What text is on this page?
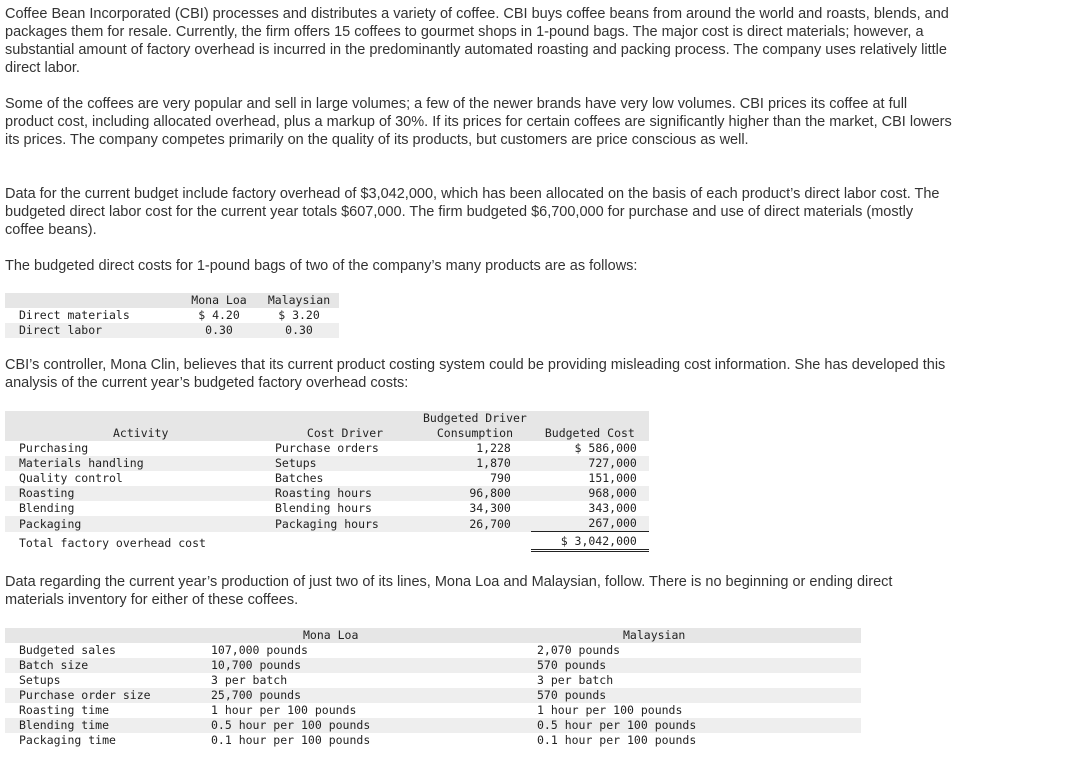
Coffee Bean Incorporated (CBI) processes and distributes a variety of coffee. CBI buys coffee beans from around the world and roasts, blends, and packages them for resale. Currently, the firm offers 15 coffees to gourmet shops in 1-pound bags. The major cost is direct materials; however, a substantial amount of factory overhead is incurred in the predominantly automated roasting and packing process. The company uses relatively little direct labor.

Some of the coffees are very popular and sell in large volumes; a few of the newer brands have very low volumes. CBI prices its coffee at full product cost, including allocated overhead, plus a markup of 30%. If its prices for certain coffees are significantly higher than the market, CBI lowers its prices. The company competes primarily on the quality of its products, but customers are price conscious as well.

Data for the current budget include factory overhead of $3,042,000, which has been allocated on the basis of each product’s direct labor cost. The budgeted direct labor cost for the current year totals $607,000. The firm budgeted $6,700,000 for purchase and use of direct materials (mostly coffee beans).

The budgeted direct costs for 1-pound bags of two of the company’s many products are as follows:

	Mona Loa	Malaysian
Direct materials	$ 4.20	$ 3.20
Direct labor	0.30	0.30

CBI’s controller, Mona Clin, believes that its current product costing system could be providing misleading cost information. She has developed this analysis of the current year’s budgeted factory overhead costs:

		Budgeted Driver	
Activity	Cost Driver	Consumption	Budgeted Cost
Purchasing	Purchase orders	1,228	$ 586,000
Materials handling	Setups	1,870	727,000
Quality control	Batches	790	151,000
Roasting	Roasting hours	96,800	968,000
Blending	Blending hours	34,300	343,000
Packaging	Packaging hours	26,700	267,000
Total factory overhead cost			$ 3,042,000

Data regarding the current year’s production of just two of its lines, Mona Loa and Malaysian, follow. There is no beginning or ending direct materials inventory for either of these coffees.

	Mona Loa	Malaysian
Budgeted sales	107,000 pounds	2,070 pounds
Batch size	10,700 pounds	570 pounds
Setups	3 per batch	3 per batch
Purchase order size	25,700 pounds	570 pounds
Roasting time	1 hour per 100 pounds	1 hour per 100 pounds
Blending time	0.5 hour per 100 pounds	0.5 hour per 100 pounds
Packaging time	0.1 hour per 100 pounds	0.1 hour per 100 pounds
